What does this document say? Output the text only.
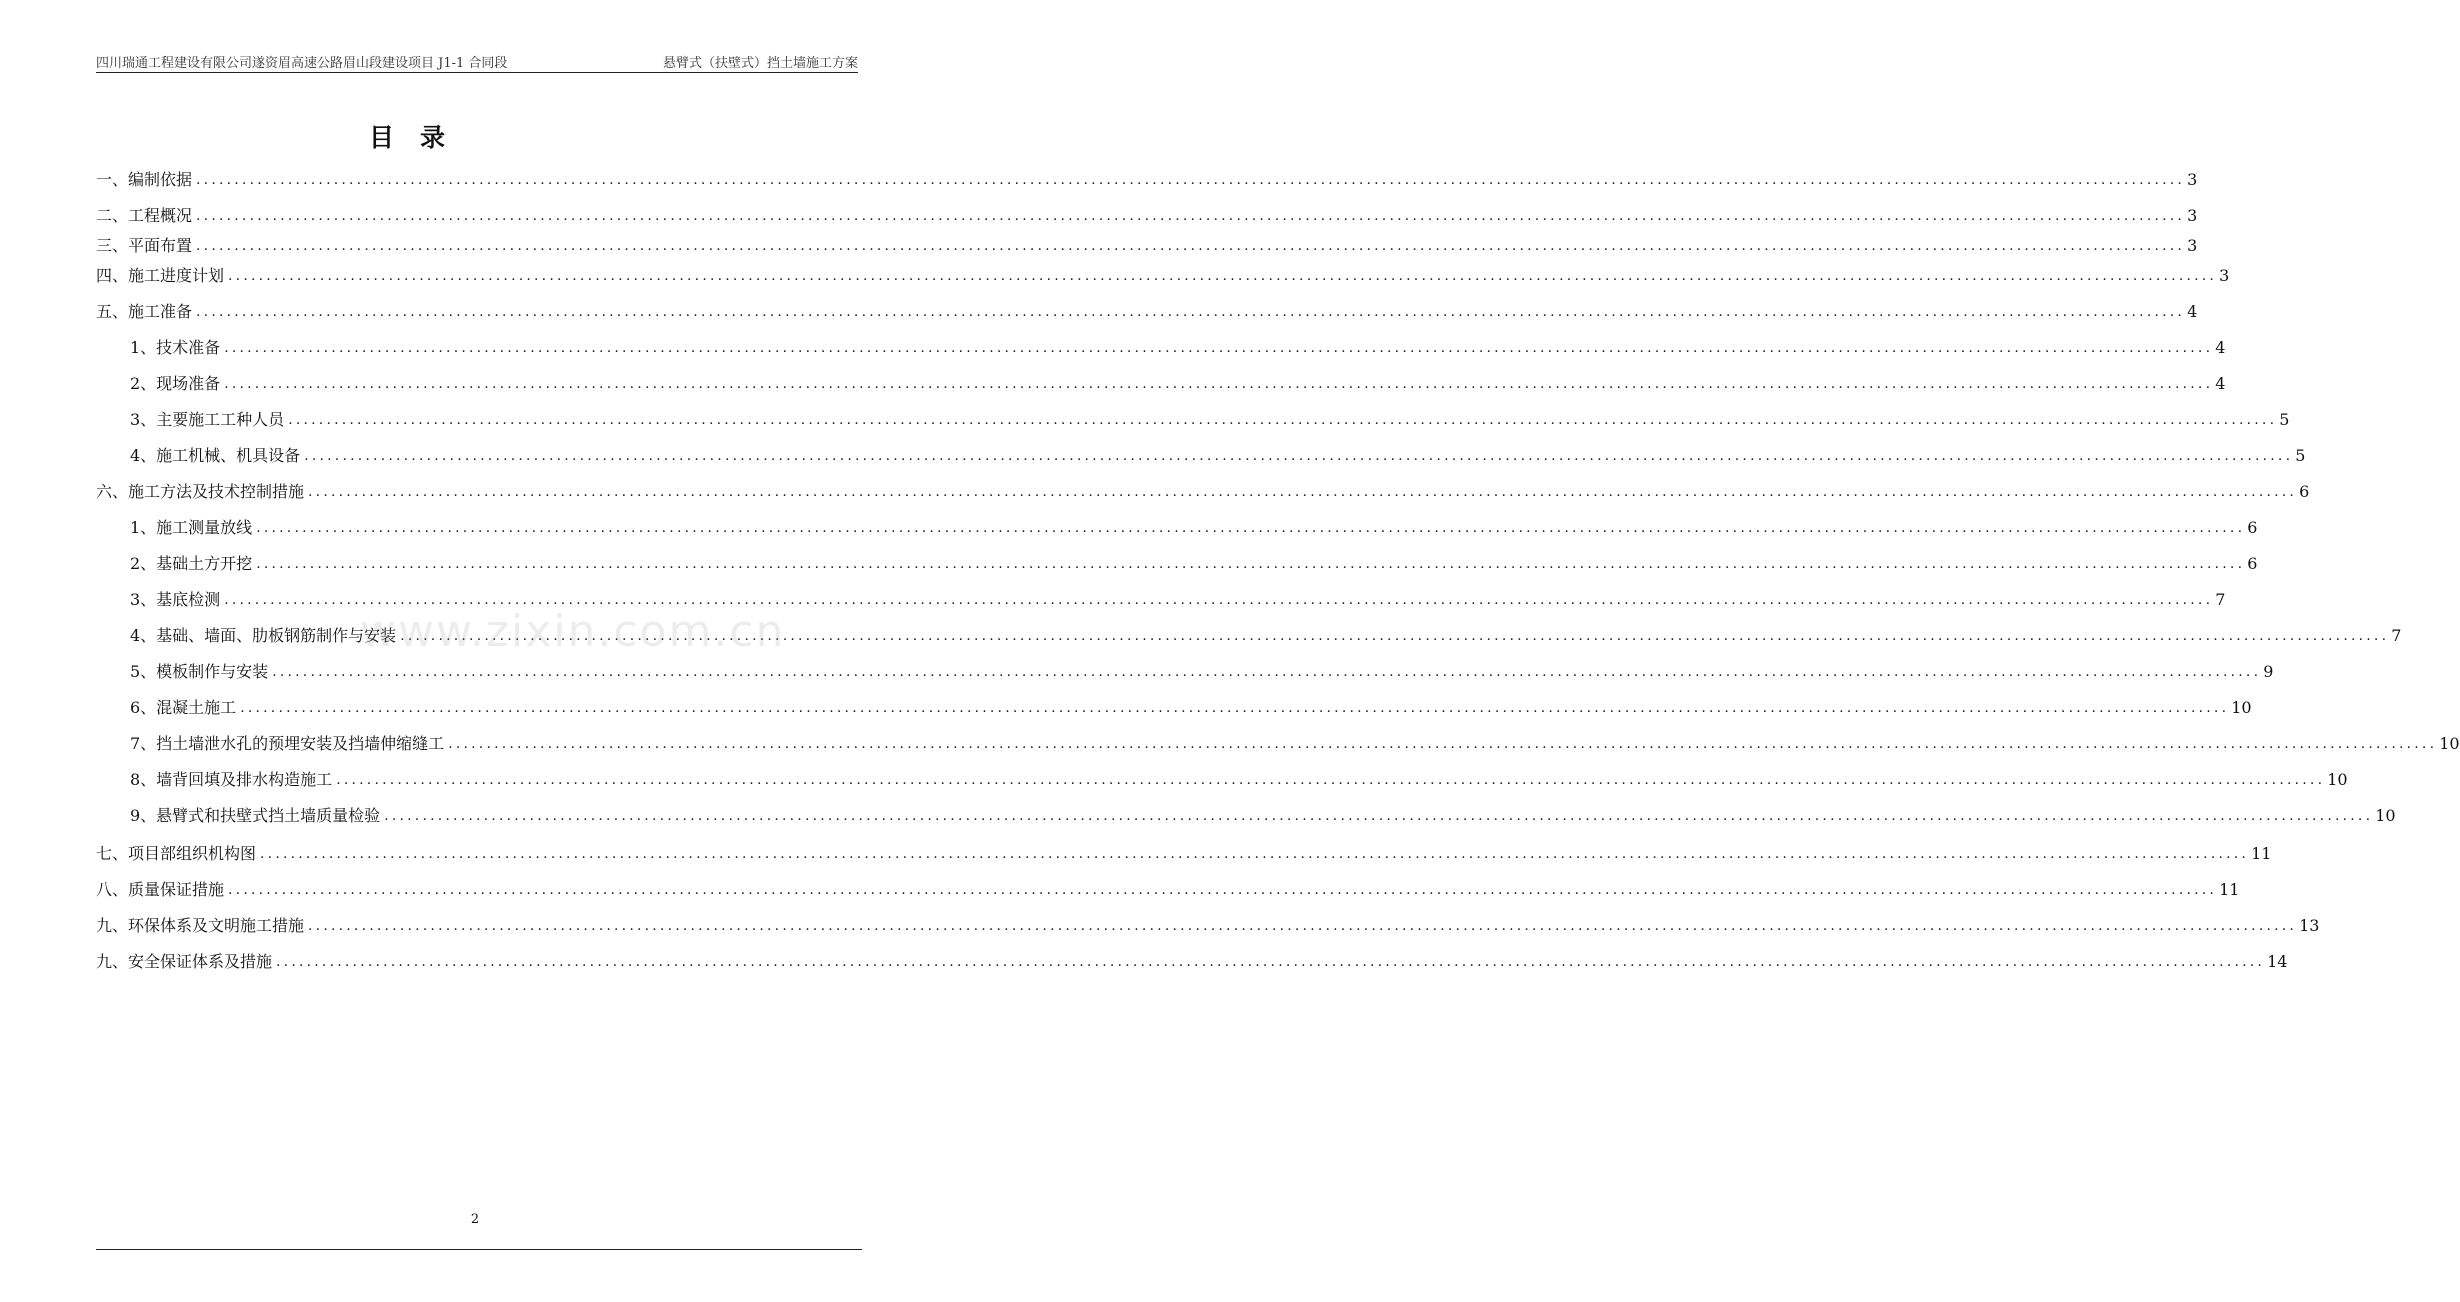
四川瑞通工程建设有限公司遂资眉高速公路眉山段建设项目 J1-1 合同段	悬臂式（扶壁式）挡土墙施工方案
目录
一、编制依据 .................................................................................................................................................................................................................................................................... 3
二、工程概况 .................................................................................................................................................................................................................................................................... 3
三、平面布置 .................................................................................................................................................................................................................................................................... 3
四、施工进度计划 .................................................................................................................................................................................................................................................................... 3
五、施工准备 .................................................................................................................................................................................................................................................................... 4
1、技术准备 .................................................................................................................................................................................................................................................................... 4
2、现场准备 .................................................................................................................................................................................................................................................................... 4
3、主要施工工种人员 .................................................................................................................................................................................................................................................................... 5
4、施工机械、机具设备 .................................................................................................................................................................................................................................................................... 5
六、施工方法及技术控制措施 .................................................................................................................................................................................................................................................................... 6
1、施工测量放线 .................................................................................................................................................................................................................................................................... 6
2、基础土方开挖 .................................................................................................................................................................................................................................................................... 6
3、基底检测 .................................................................................................................................................................................................................................................................... 7
4、基础、墙面、肋板钢筋制作与安装 .................................................................................................................................................................................................................................................................... 7
5、模板制作与安装 .................................................................................................................................................................................................................................................................... 9
6、混凝土施工 .................................................................................................................................................................................................................................................................... 10
7、挡土墙泄水孔的预埋安装及挡墙伸缩缝工 .................................................................................................................................................................................................................................................................... 10
8、墙背回填及排水构造施工 .................................................................................................................................................................................................................................................................... 10
9、悬臂式和扶壁式挡土墙质量检验 .................................................................................................................................................................................................................................................................... 10
七、项目部组织机构图 .................................................................................................................................................................................................................................................................... 11
八、质量保证措施 .................................................................................................................................................................................................................................................................... 11
九、环保体系及文明施工措施 .................................................................................................................................................................................................................................................................... 13
九、安全保证体系及措施 .................................................................................................................................................................................................................................................................... 14
www.zixin.com.cn
2
